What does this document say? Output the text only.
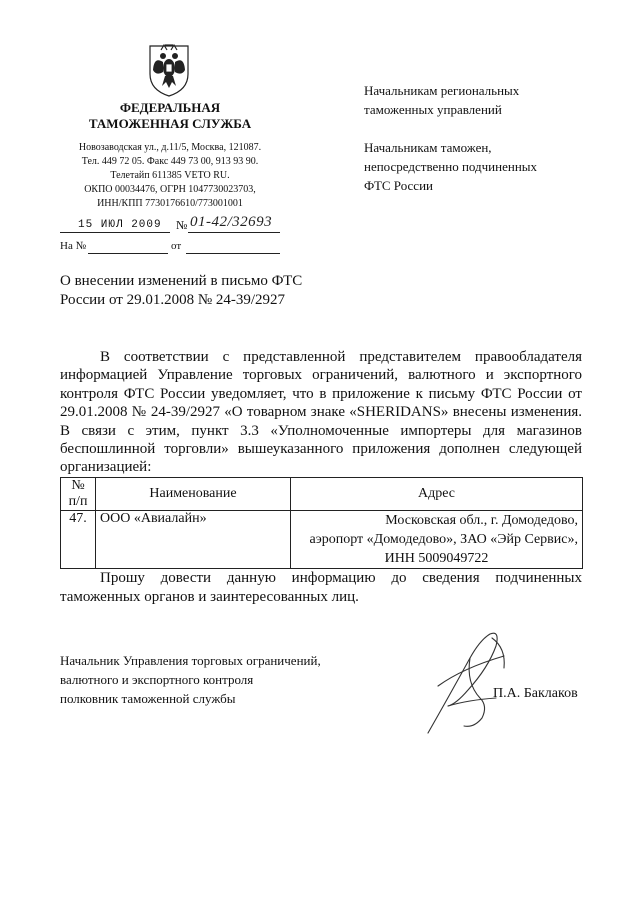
ФЕДЕРАЛЬНАЯ
ТАМОЖЕННАЯ СЛУЖБА
Новозаводская ул., д.11/5, Москва, 121087.
Тел. 449 72 05. Факс 449 73 00, 913 93 90.
Телетайп 611385 VETO RU.
ОКПО 00034476, ОГРН 1047730023703,
ИНН/КПП 7730176610/773001001
15 ИЮЛ 2009 № 01-42/32693
На №	от
Начальникам региональных
таможенных управлений
Начальникам таможен,
непосредственно подчиненных
ФТС России
О внесении изменений в письмо ФТС
России от 29.01.2008 № 24-39/2927
В соответствии с представленной представителем правообладателя информацией Управление торговых ограничений, валютного и экспортного контроля ФТС России уведомляет, что в приложение к письму ФТС России от 29.01.2008 № 24-39/2927 «О товарном знаке «SHERIDANS» внесены изменения. В связи с этим, пункт 3.3 «Уполномоченные импортеры для магазинов беспошлинной торговли» вышеуказанного приложения дополнен следующей организацией:
№
п/п	Наименование	Адрес
47.	ООО «Авиалайн»	Московская обл., г. Домодедово,
аэропорт «Домодедово», ЗАО «Эйр Сервис»,
ИНН 5009049722
Прошу довести данную информацию до сведения подчиненных таможенных органов и заинтересованных лиц.
Начальник Управления торговых ограничений,
валютного и экспортного контроля
полковник таможенной службы	П.А. Баклаков
